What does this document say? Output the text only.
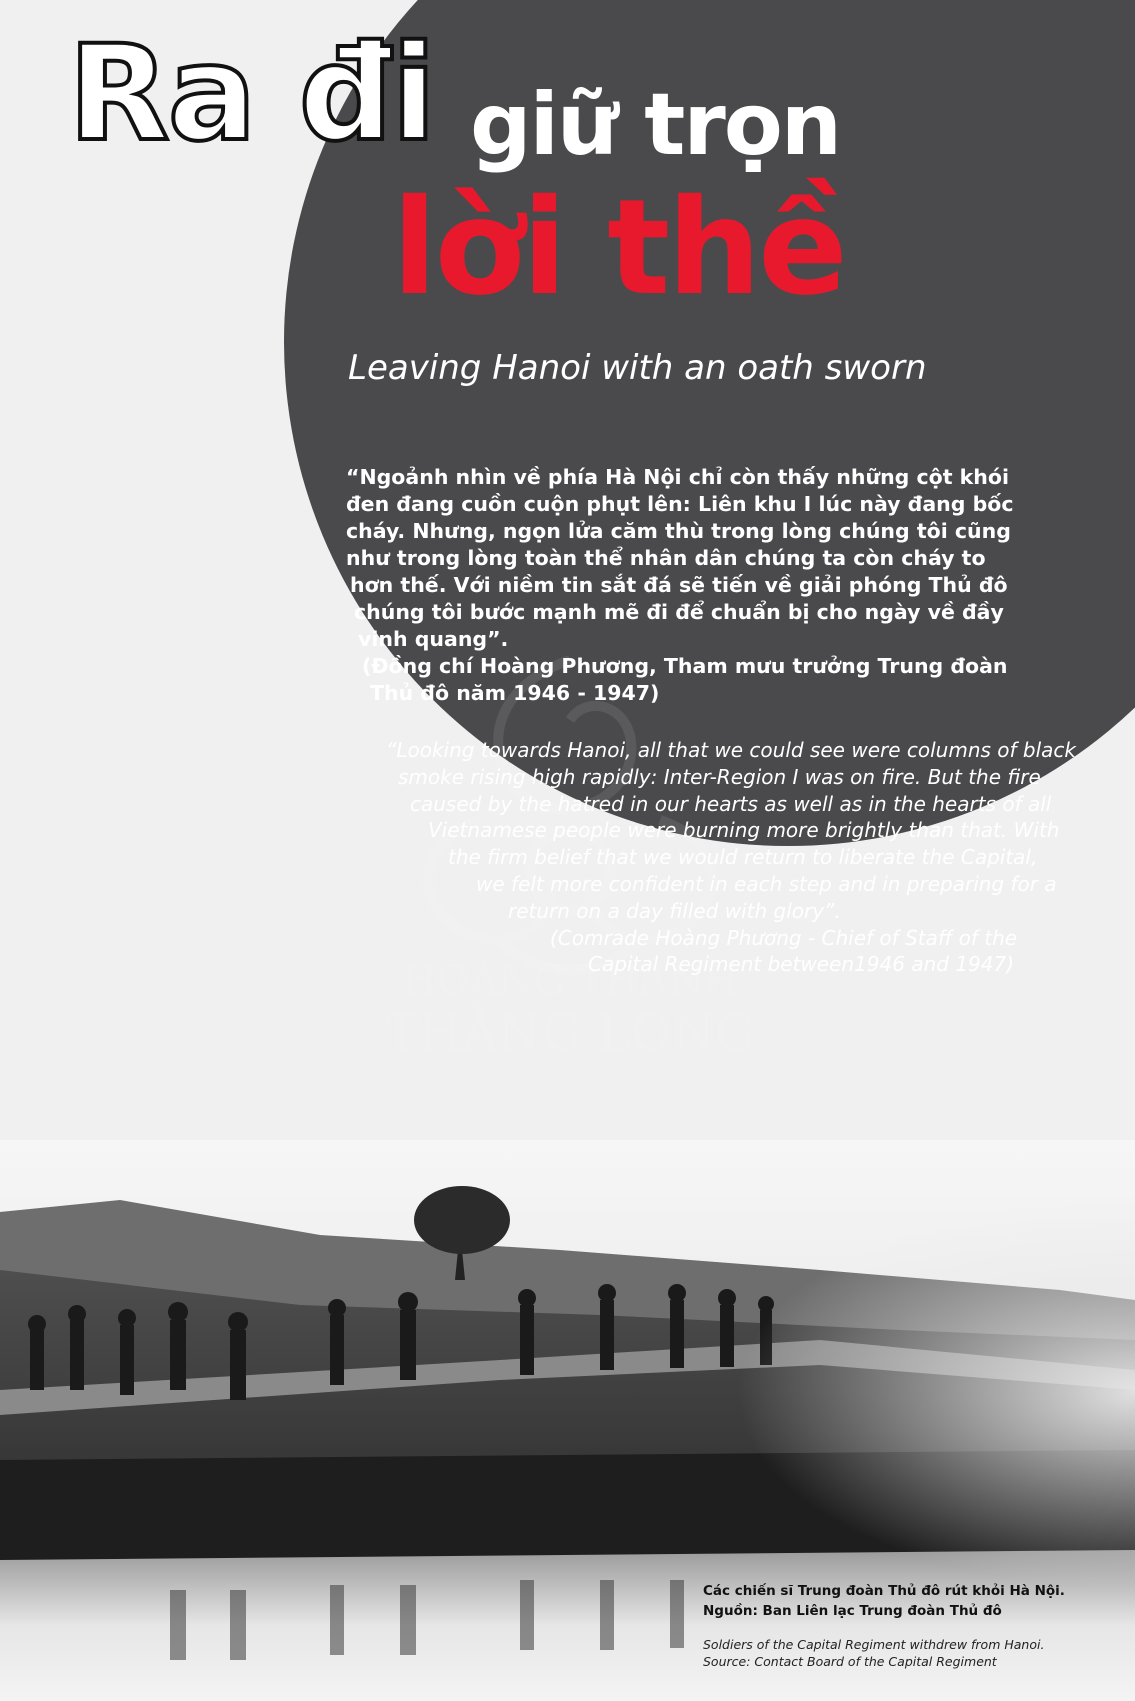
HOÀNG THÀNH
THĂNG LONG
Ra đi giữ trọn
lời thề

Leaving Hanoi with an oath sworn

“Ngoảnh nhìn về phía Hà Nội chỉ còn thấy những cột khói
đen đang cuồn cuộn phụt lên: Liên khu I lúc này đang bốc
cháy. Nhưng, ngọn lửa căm thù trong lòng chúng tôi cũng
như trong lòng toàn thể nhân dân chúng ta còn cháy to
hơn thế. Với niềm tin sắt đá sẽ tiến về giải phóng Thủ đô
chúng tôi bước mạnh mẽ đi để chuẩn bị cho ngày về đầy
vinh quang”.
(Đồng chí Hoàng Phương, Tham mưu trưởng Trung đoàn
Thủ đô năm 1946 - 1947)
“Looking towards Hanoi, all that we could see were columns of black
smoke rising high rapidly: Inter-Region I was on fire. But the fire
caused by the hatred in our hearts as well as in the hearts of all
Vietnamese people were burning more brightly than that. With
the firm belief that we would return to liberate the Capital,
we felt more confident in each step and in preparing for a
return on a day filled with glory”.
(Comrade Hoàng Phương - Chief of Staff of the
Capital Regiment between1946 and 1947)
Các chiến sĩ Trung đoàn Thủ đô rút khỏi Hà Nội.
Nguồn: Ban Liên lạc Trung đoàn Thủ đô
Soldiers of the Capital Regiment withdrew from Hanoi.
Source: Contact Board of the Capital Regiment
